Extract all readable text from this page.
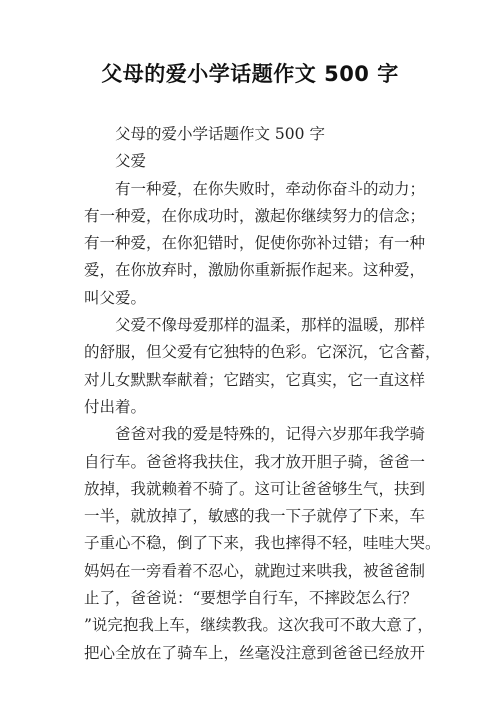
父母的爱小学话题作文 500 字
父母的爱小学话题作文 500 字
父爱
有一种爱，在你失败时，牵动你奋斗的动力；
有一种爱，在你成功时，激起你继续努力的信念；
有一种爱，在你犯错时，促使你弥补过错；有一种
爱，在你放弃时，激励你重新振作起来。这种爱，
叫父爱。
父爱不像母爱那样的温柔，那样的温暖，那样
的舒服，但父爱有它独特的色彩。它深沉，它含蓄，
对儿女默默奉献着；它踏实，它真实，它一直这样
付出着。
爸爸对我的爱是特殊的，记得六岁那年我学骑
自行车。爸爸将我扶住，我才放开胆子骑，爸爸一
放掉，我就赖着不骑了。这可让爸爸够生气，扶到
一半，就放掉了，敏感的我一下子就停了下来，车
子重心不稳，倒了下来，我也摔得不轻，哇哇大哭。
妈妈在一旁看着不忍心，就跑过来哄我，被爸爸制
止了，爸爸说：“要想学自行车，不摔跤怎么行？
”说完抱我上车，继续教我。这次我可不敢大意了，
把心全放在了骑车上，丝毫没注意到爸爸已经放开
